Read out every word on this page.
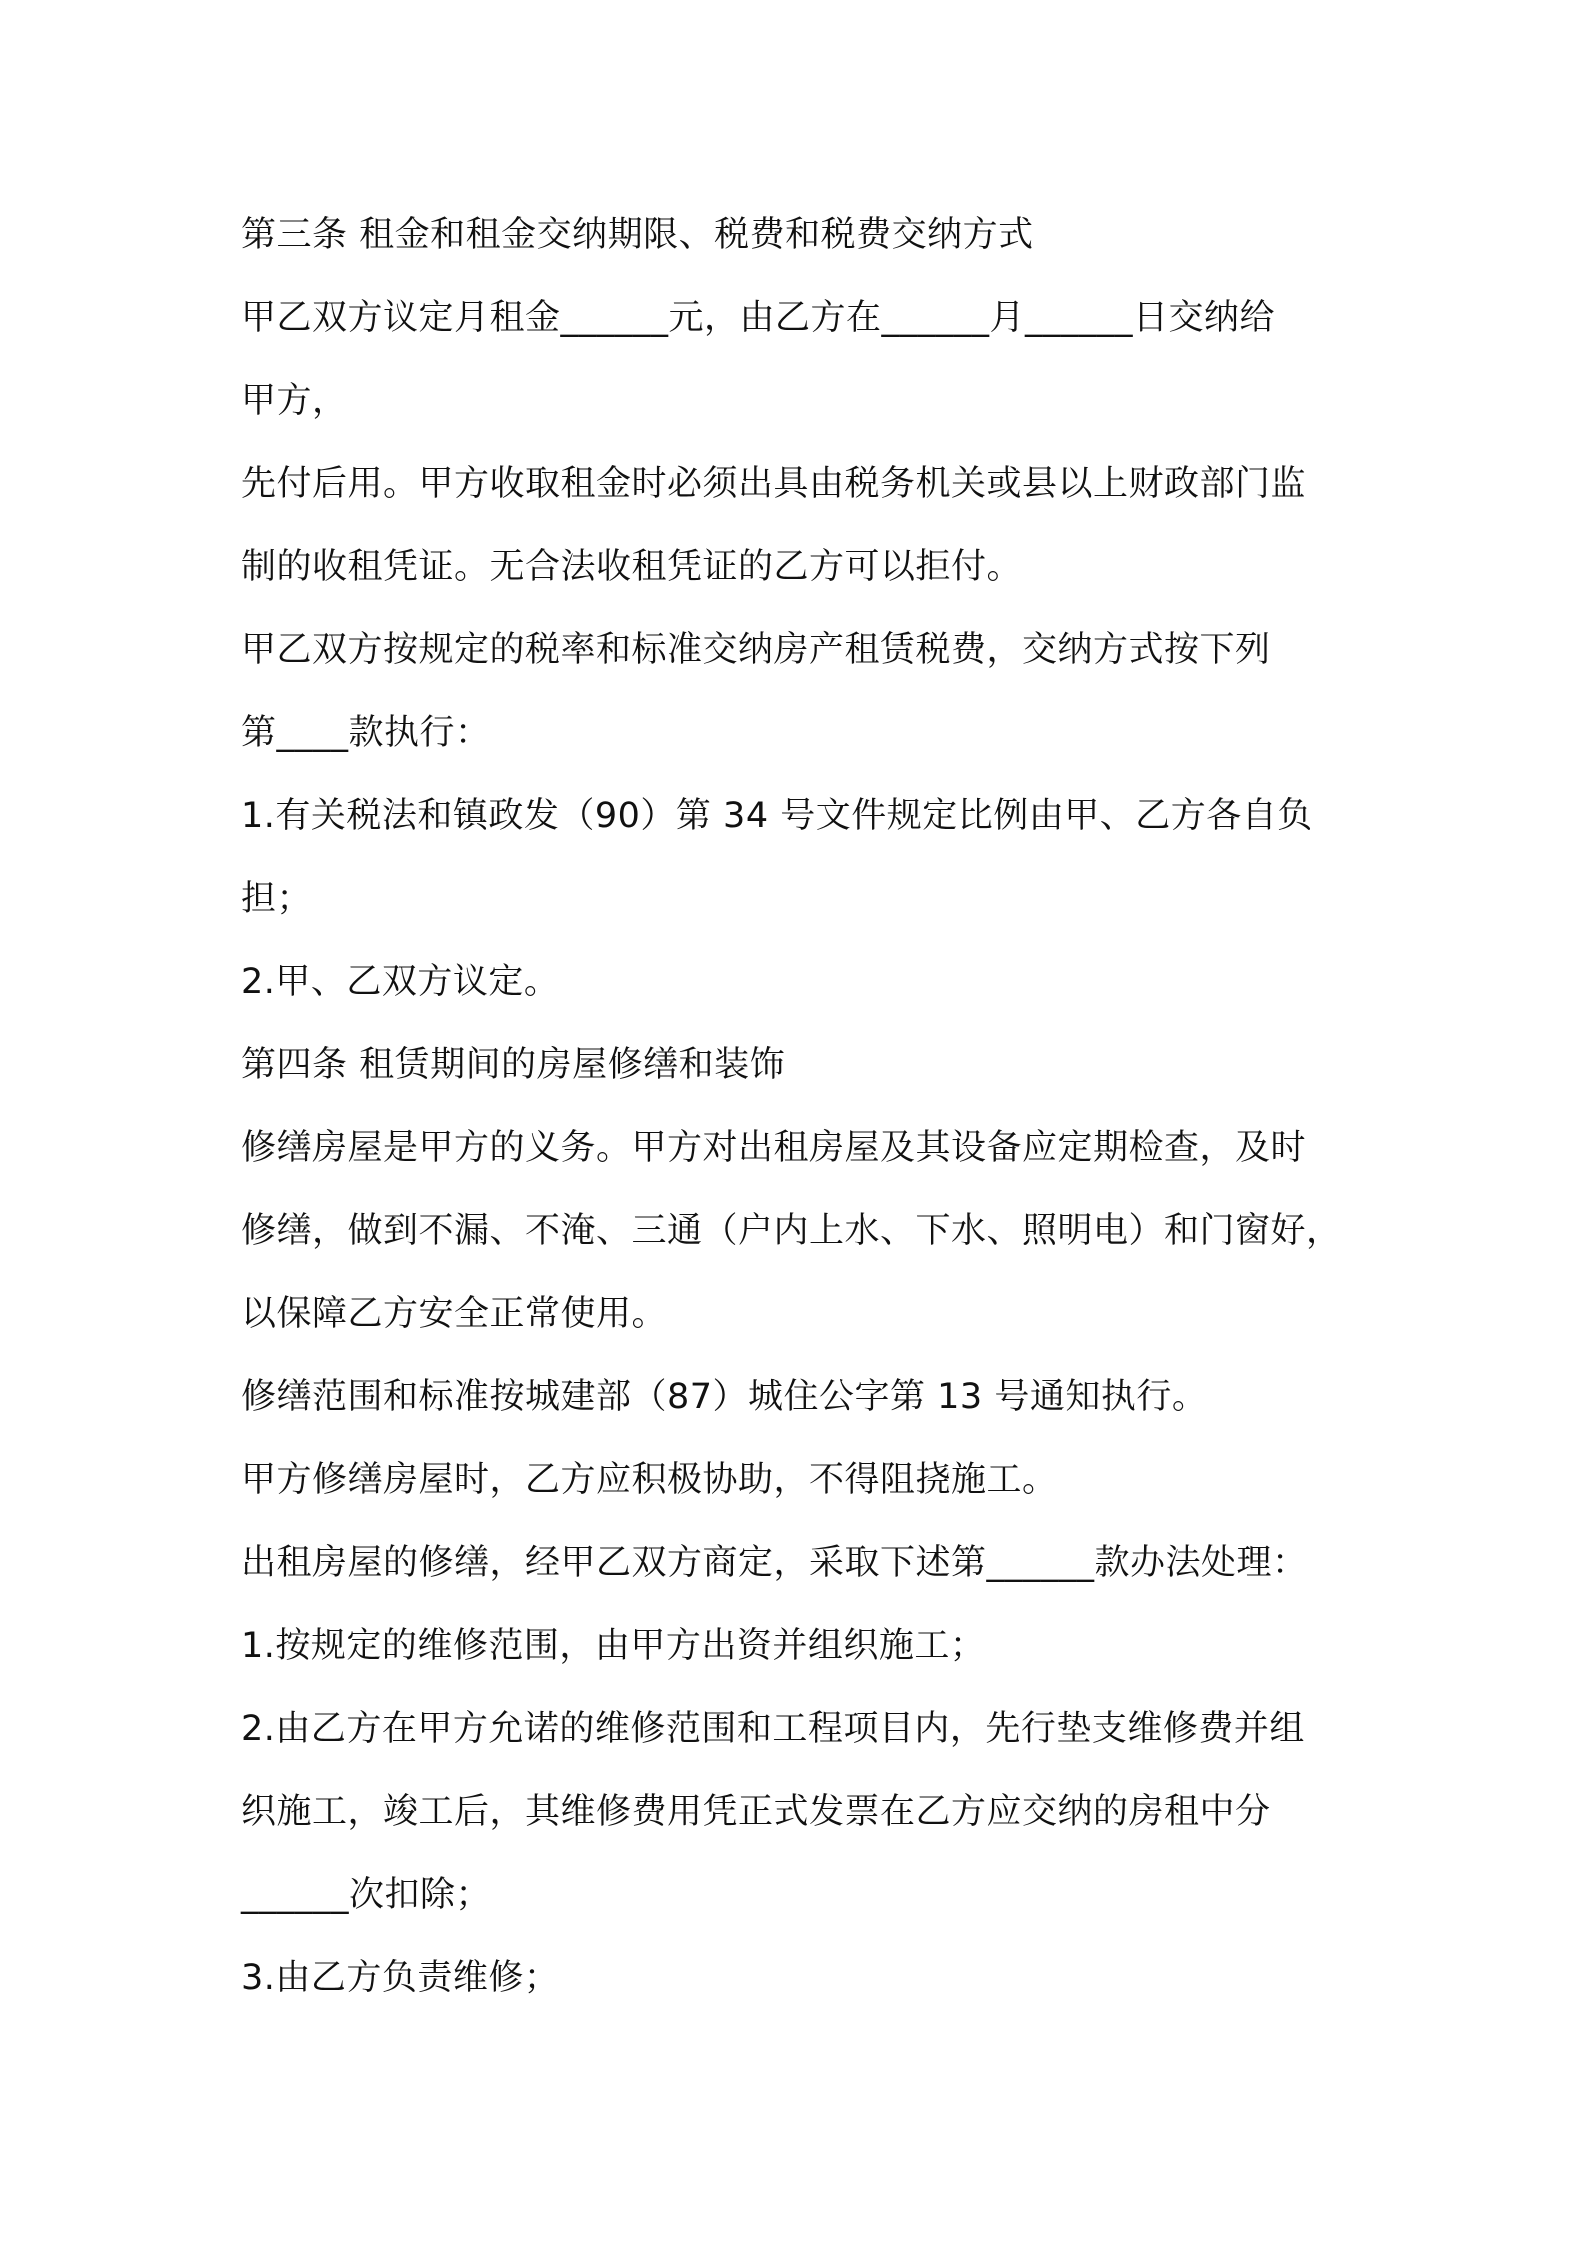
第三条 租金和租金交纳期限、税费和税费交纳方式

甲乙双方议定月租金______元，由乙方在______月______日交纳给

甲方，

先付后用。甲方收取租金时必须出具由税务机关或县以上财政部门监

制的收租凭证。无合法收租凭证的乙方可以拒付。

甲乙双方按规定的税率和标准交纳房产租赁税费，交纳方式按下列

第____款执行：

1.有关税法和镇政发（90）第 34 号文件规定比例由甲、乙方各自负

担；

2.甲、乙双方议定。

第四条 租赁期间的房屋修缮和装饰

修缮房屋是甲方的义务。甲方对出租房屋及其设备应定期检查，及时

修缮，做到不漏、不淹、三通（户内上水、下水、照明电）和门窗好，

以保障乙方安全正常使用。

修缮范围和标准按城建部（87）城住公字第 13 号通知执行。

甲方修缮房屋时，乙方应积极协助，不得阻挠施工。

出租房屋的修缮，经甲乙双方商定，采取下述第______款办法处理：

1.按规定的维修范围，由甲方出资并组织施工；

2.由乙方在甲方允诺的维修范围和工程项目内，先行垫支维修费并组

织施工，竣工后，其维修费用凭正式发票在乙方应交纳的房租中分

______次扣除；

3.由乙方负责维修；
